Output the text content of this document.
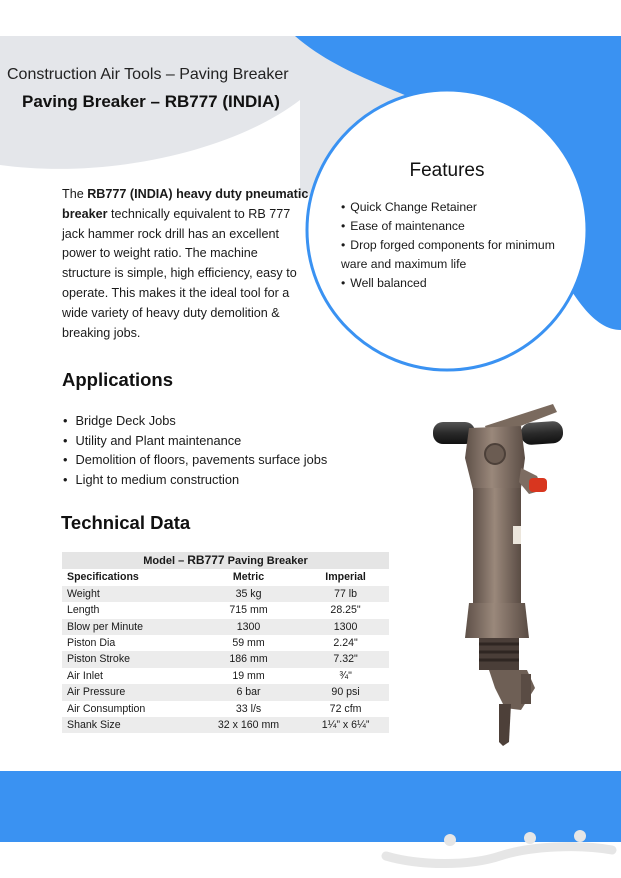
Construction Air Tools – Paving Breaker
Paving Breaker – RB777 (INDIA)
The RB777 (INDIA) heavy duty pneumatic breaker technically equivalent to RB 777 jack hammer rock drill has an excellent power to weight ratio. The machine structure is simple, high efficiency, easy to operate. This makes it the ideal tool for a wide variety of heavy duty demolition & breaking jobs.
Features
• Quick Change Retainer
• Ease of maintenance
• Drop forged components for minimum ware and maximum life
• Well balanced
Applications
• Bridge Deck Jobs
• Utility and Plant maintenance
• Demolition of floors, pavements surface jobs
• Light to medium construction
Technical Data
Model – RB777 Paving Breaker		
Specifications	Metric	Imperial
Weight	35 kg	77 lb
Length	715 mm	28.25"
Blow per Minute	1300	1300
Piston Dia	59 mm	2.24"
Piston Stroke	186 mm	7.32"
Air Inlet	19 mm	¾"
Air Pressure	6 bar	90 psi
Air Consumption	33 l/s	72 cfm
Shank Size	32 x 160 mm	1¼” x 6¼”
